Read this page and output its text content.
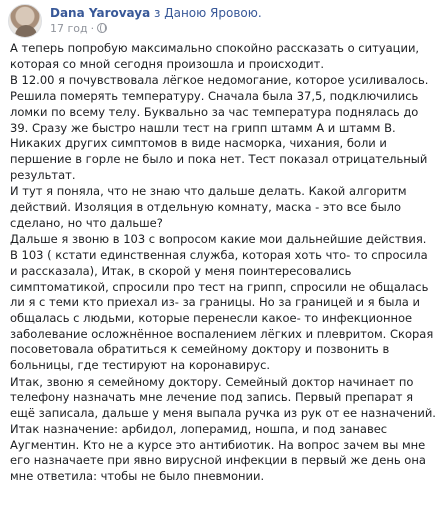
Dana Yarovaya з Даною Яровою.
17 год ·

А теперь попробую максимально спокойно рассказать о ситуации, которая со мной сегодня произошла и происходит.

В 12.00 я почувствовала лёгкое недомогание, которое усиливалось. Решила померять температуру. Сначала была 37,5, подключились ломки по всему телу. Буквально за час температура поднялась до 39. Сразу же быстро нашли тест на грипп штамм А и штамм В. Никаких других симптомов в виде насморка, чихания, боли и першение в горле не было и пока нет. Тест показал отрицательный результат.

И тут я поняла, что не знаю что дальше делать. Какой алгоритм действий. Изоляция в отдельную комнату, маска - это все было сделано, но что дальше?

Дальше я звоню в 103 с вопросом какие мои дальнейшие действия. В 103 ( кстати единственная служба, которая хоть что- то спросила и рассказала), Итак, в скорой у меня поинтересовались симптоматикой, спросили про тест на грипп, спросили не общалась ли я с теми кто приехал из- за границы. Но за границей и я была и общалась с людьми, которые перенесли какое- то инфекционное заболевание осложнённое воспалением лёгких и плевритом. Скорая посоветовала обратиться к семейному доктору и позвонить в больницы, где тестируют на коронавирус.

Итак, звоню я семейному доктору. Семейный доктор начинает по телефону назначать мне лечение под запись. Первый препарат я ещё записала, дальше у меня выпала ручка из рук от ее назначений. Итак назначение: арбидол, лоперамид, ношпа, и под занавес Аугментин. Кто не а курсе это антибиотик. На вопрос зачем вы мне его назначаете при явно вирусной инфекции в первый же день она мне ответила: чтобы не было пневмонии.
